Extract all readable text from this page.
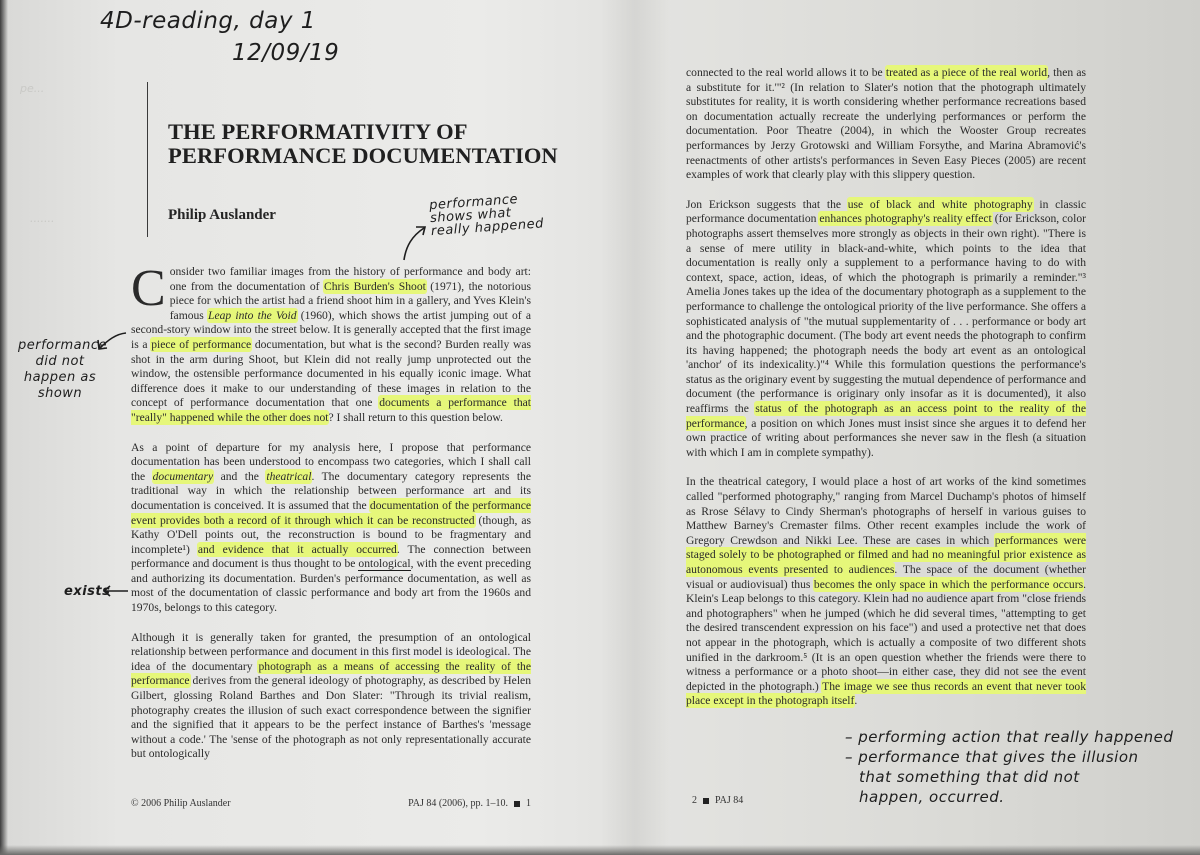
4D-reading, day 1
12/09/19
performance shows what really happened
performance did not happen as shown
exists
– performing action that really happened
– performance that gives the illusion
that something that did not
happen, occurred.
pe...
.......
THE PERFORMATIVITY OF
PERFORMANCE DOCUMENTATION
Philip Auslander

Consider two familiar images from the history of performance and body art: one from the documentation of Chris Burden's Shoot (1971), the notorious piece for which the artist had a friend shoot him in a gallery, and Yves Klein's famous Leap into the Void (1960), which shows the artist jumping out of a second-story window into the street below. It is generally accepted that the first image is a piece of performance documentation, but what is the second? Burden really was shot in the arm during Shoot, but Klein did not really jump unprotected out the window, the ostensible performance documented in his equally iconic image. What difference does it make to our understanding of these images in relation to the concept of performance documentation that one documents a performance that "really" happened while the other does not? I shall return to this question below.

As a point of departure for my analysis here, I propose that performance documentation has been understood to encompass two categories, which I shall call the documentary and the theatrical. The documentary category represents the traditional way in which the relationship between performance art and its documentation is conceived. It is assumed that the documentation of the performance event provides both a record of it through which it can be reconstructed (though, as Kathy O'Dell points out, the reconstruction is bound to be fragmentary and incomplete¹) and evidence that it actually occurred. The connection between performance and document is thus thought to be ontological, with the event preceding and authorizing its documentation. Burden's performance documentation, as well as most of the documentation of classic performance and body art from the 1960s and 1970s, belongs to this category.

Although it is generally taken for granted, the presumption of an ontological relationship between performance and document in this first model is ideological. The idea of the documentary photograph as a means of accessing the reality of the performance derives from the general ideology of photography, as described by Helen Gilbert, glossing Roland Barthes and Don Slater: "Through its trivial realism, photography creates the illusion of such exact correspondence between the signifier and the signified that it appears to be the perfect instance of Barthes's 'message without a code.' The 'sense of the photograph as not only representationally accurate but ontologically

© 2006 Philip Auslander	PAJ 84 (2006), pp. 1–10. 1

connected to the real world allows it to be treated as a piece of the real world, then as a substitute for it.'"² (In relation to Slater's notion that the photograph ultimately substitutes for reality, it is worth considering whether performance recreations based on documentation actually recreate the underlying performances or perform the documentation. Poor Theatre (2004), in which the Wooster Group recreates performances by Jerzy Grotowski and William Forsythe, and Marina Abramović's reenactments of other artists's performances in Seven Easy Pieces (2005) are recent examples of work that clearly play with this slippery question.

Jon Erickson suggests that the use of black and white photography in classic performance documentation enhances photography's reality effect (for Erickson, color photographs assert themselves more strongly as objects in their own right). "There is a sense of mere utility in black-and-white, which points to the idea that documentation is really only a supplement to a performance having to do with context, space, action, ideas, of which the photograph is primarily a reminder."³ Amelia Jones takes up the idea of the documentary photograph as a supplement to the performance to challenge the ontological priority of the live performance. She offers a sophisticated analysis of "the mutual supplementarity of . . . performance or body art and the photographic document. (The body art event needs the photograph to confirm its having happened; the photograph needs the body art event as an ontological 'anchor' of its indexicality.)"⁴ While this formulation questions the performance's status as the originary event by suggesting the mutual dependence of performance and document (the performance is originary only insofar as it is documented), it also reaffirms the status of the photograph as an access point to the reality of the performance, a position on which Jones must insist since she argues it to defend her own practice of writing about performances she never saw in the flesh (a situation with which I am in complete sympathy).

In the theatrical category, I would place a host of art works of the kind sometimes called "performed photography," ranging from Marcel Duchamp's photos of himself as Rrose Sélavy to Cindy Sherman's photographs of herself in various guises to Matthew Barney's Cremaster films. Other recent examples include the work of Gregory Crewdson and Nikki Lee. These are cases in which performances were staged solely to be photographed or filmed and had no meaningful prior existence as autonomous events presented to audiences. The space of the document (whether visual or audiovisual) thus becomes the only space in which the performance occurs. Klein's Leap belongs to this category. Klein had no audience apart from "close friends and photographers" when he jumped (which he did several times, "attempting to get the desired transcendent expression on his face") and used a protective net that does not appear in the photograph, which is actually a composite of two different shots unified in the darkroom.⁵ (It is an open question whether the friends were there to witness a performance or a photo shoot—in either case, they did not see the event depicted in the photograph.) The image we see thus records an event that never took place except in the photograph itself.

2 PAJ 84
